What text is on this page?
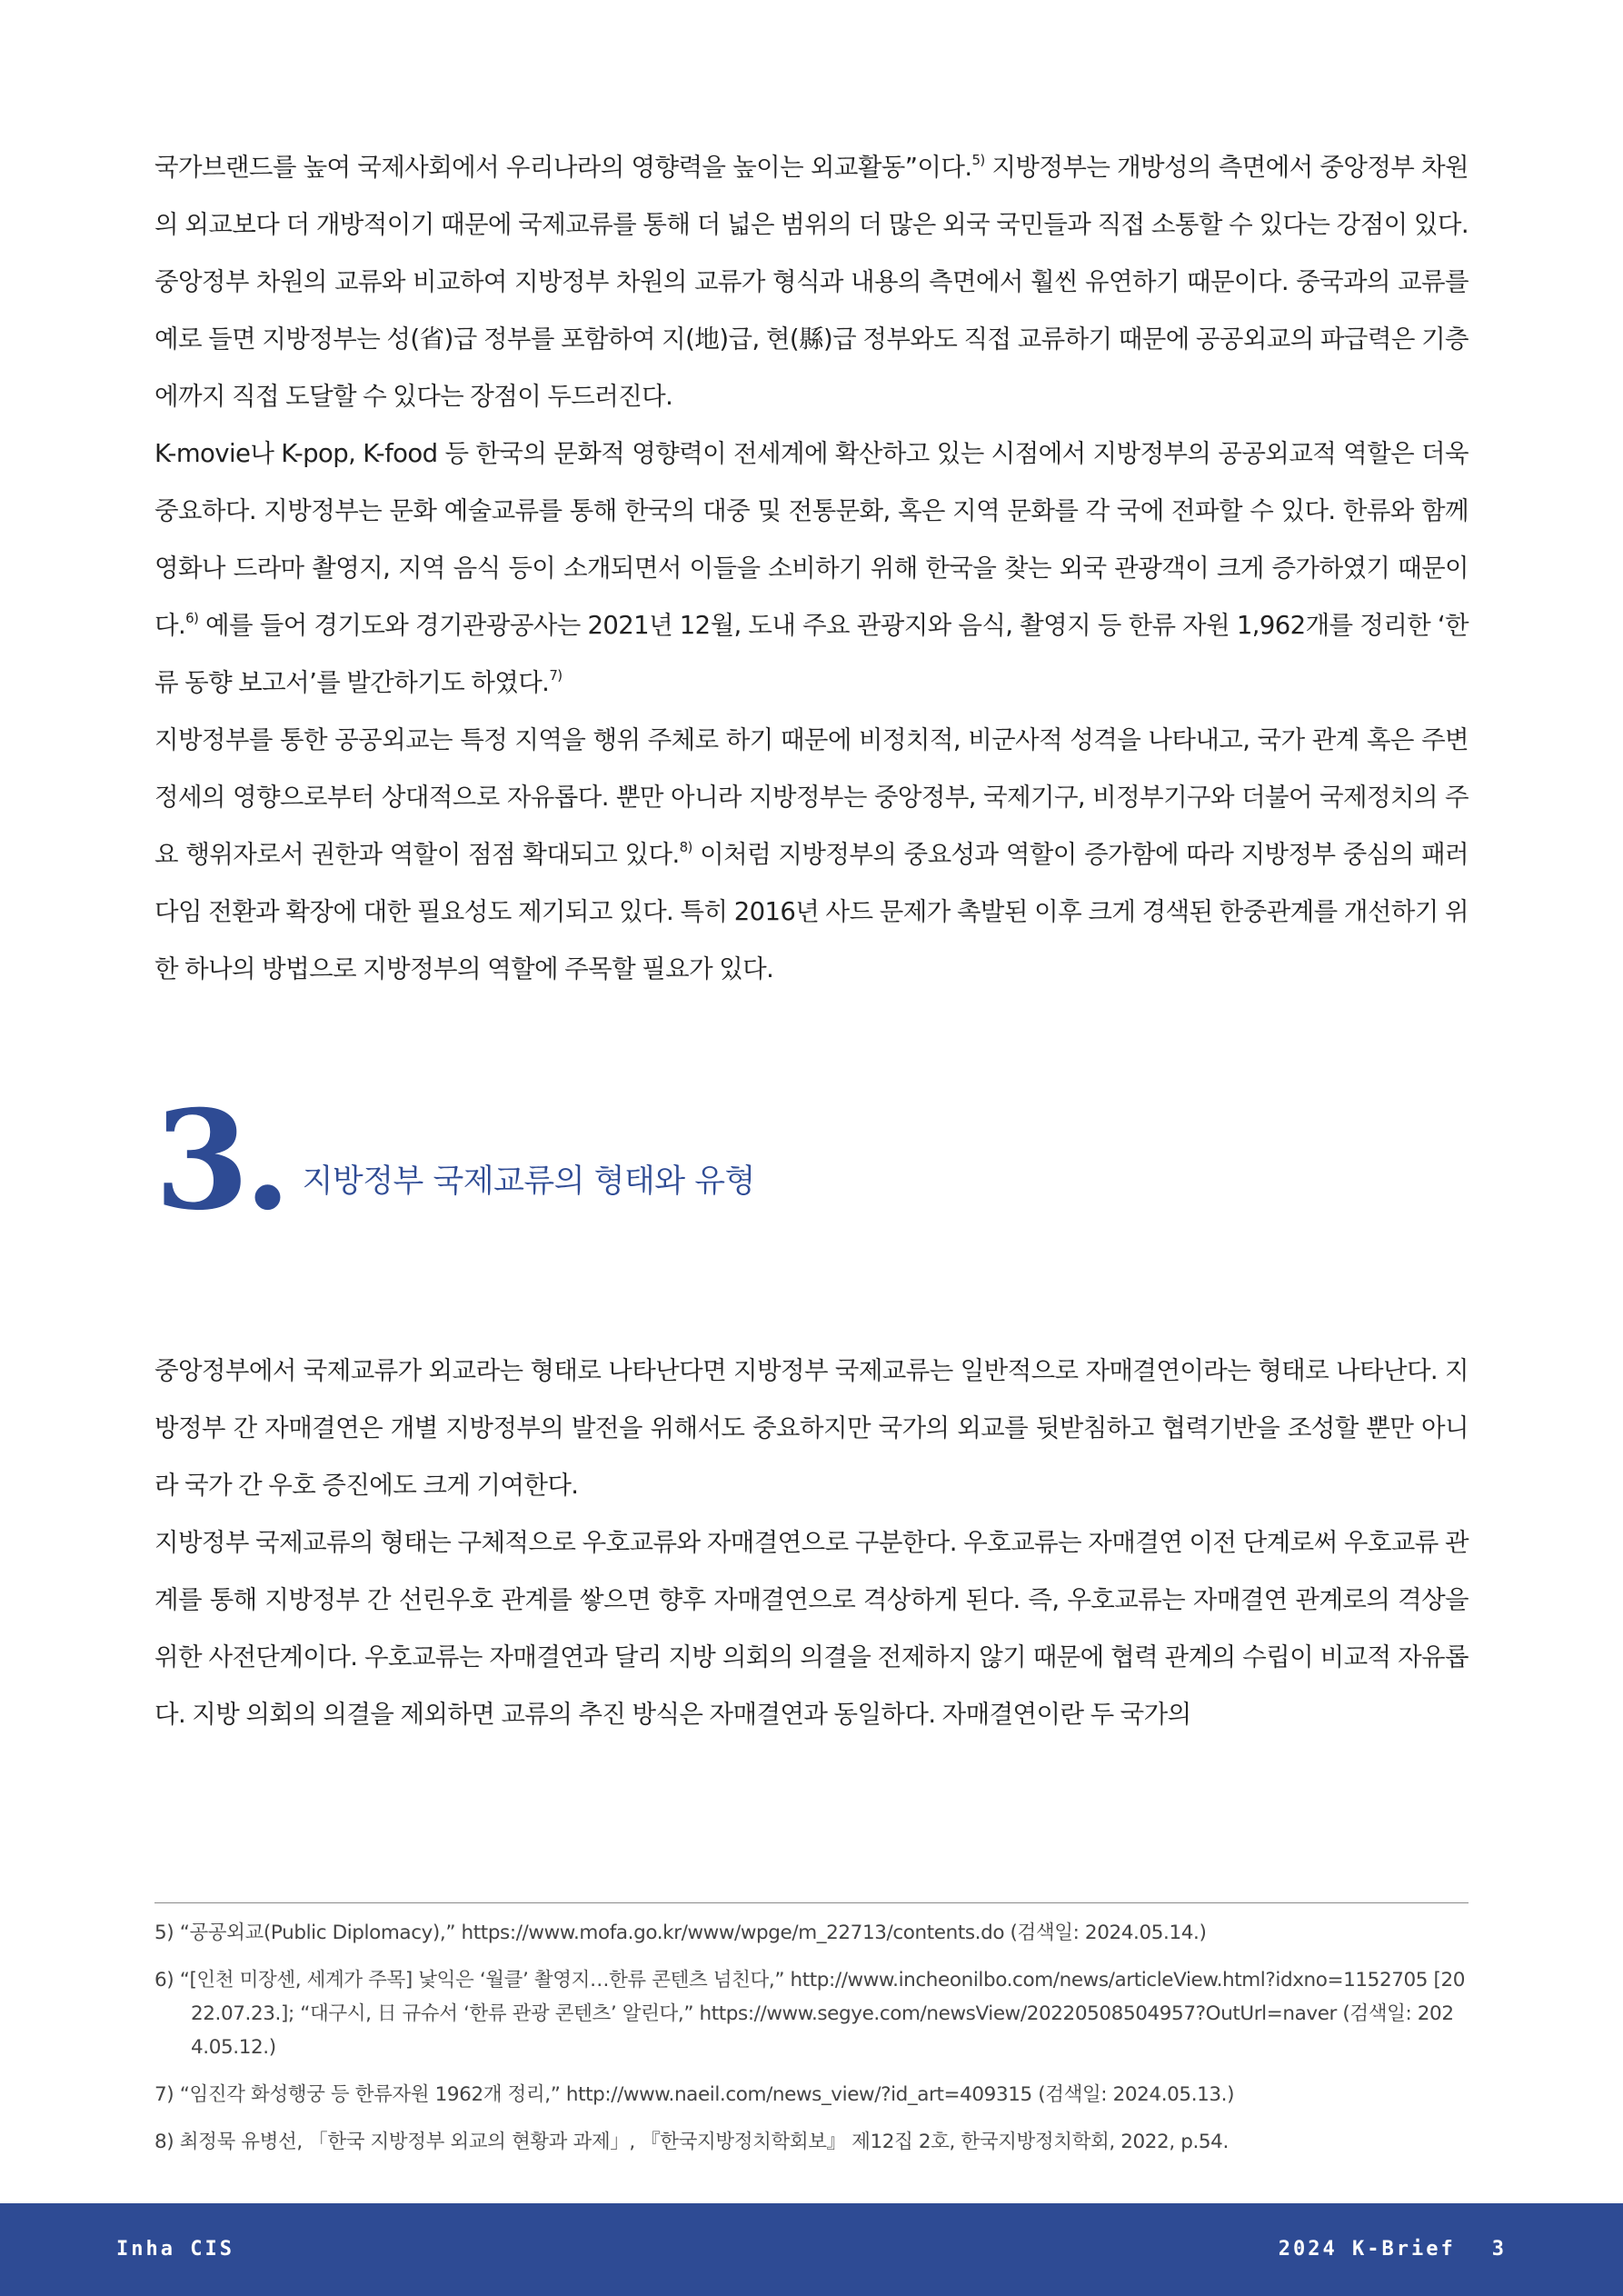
국가브랜드를 높여 국제사회에서 우리나라의 영향력을 높이는 외교활동”이다.$^{5)}$ 지방정부는 개방성의 측면에서 중앙정부 차원의 외교보다 더 개방적이기 때문에 국제교류를 통해 더 넓은 범위의 더 많은 외국 국민들과 직접 소통할 수 있다는 강점이 있다. 중앙정부 차원의 교류와 비교하여 지방정부 차원의 교류가 형식과 내용의 측면에서 훨씬 유연하기 때문이다. 중국과의 교류를 예로 들면 지방정부는 성(省)급 정부를 포함하여 지(地)급, 현(縣)급 정부와도 직접 교류하기 때문에 공공외교의 파급력은 기층에까지 직접 도달할 수 있다는 장점이 두드러진다.

K-movie나 K-pop, K-food 등 한국의 문화적 영향력이 전세계에 확산하고 있는 시점에서 지방정부의 공공외교적 역할은 더욱 중요하다. 지방정부는 문화 예술교류를 통해 한국의 대중 및 전통문화, 혹은 지역 문화를 각 국에 전파할 수 있다. 한류와 함께 영화나 드라마 촬영지, 지역 음식 등이 소개되면서 이들을 소비하기 위해 한국을 찾는 외국 관광객이 크게 증가하였기 때문이다.$^{6)}$ 예를 들어 경기도와 경기관광공사는 2021년 12월, 도내 주요 관광지와 음식, 촬영지 등 한류 자원 1,962개를 정리한 ‘한류 동향 보고서’를 발간하기도 하였다.$^{7)}$

지방정부를 통한 공공외교는 특정 지역을 행위 주체로 하기 때문에 비정치적, 비군사적 성격을 나타내고, 국가 관계 혹은 주변 정세의 영향으로부터 상대적으로 자유롭다. 뿐만 아니라 지방정부는 중앙정부, 국제기구, 비정부기구와 더불어 국제정치의 주요 행위자로서 권한과 역할이 점점 확대되고 있다.$^{8)}$ 이처럼 지방정부의 중요성과 역할이 증가함에 따라 지방정부 중심의 패러다임 전환과 확장에 대한 필요성도 제기되고 있다. 특히 2016년 사드 문제가 촉발된 이후 크게 경색된 한중관계를 개선하기 위한 하나의 방법으로 지방정부의 역할에 주목할 필요가 있다.

3. 지방정부 국제교류의 형태와 유형

중앙정부에서 국제교류가 외교라는 형태로 나타난다면 지방정부 국제교류는 일반적으로 자매결연이라는 형태로 나타난다. 지방정부 간 자매결연은 개별 지방정부의 발전을 위해서도 중요하지만 국가의 외교를 뒷받침하고 협력기반을 조성할 뿐만 아니라 국가 간 우호 증진에도 크게 기여한다.

지방정부 국제교류의 형태는 구체적으로 우호교류와 자매결연으로 구분한다. 우호교류는 자매결연 이전 단계로써 우호교류 관계를 통해 지방정부 간 선린우호 관계를 쌓으면 향후 자매결연으로 격상하게 된다. 즉, 우호교류는 자매결연 관계로의 격상을 위한 사전단계이다. 우호교류는 자매결연과 달리 지방 의회의 의결을 전제하지 않기 때문에 협력 관계의 수립이 비교적 자유롭다. 지방 의회의 의결을 제외하면 교류의 추진 방식은 자매결연과 동일하다. 자매결연이란 두 국가의

5) “공공외교(Public Diplomacy),” https://www.mofa.go.kr/www/wpge/m_22713/contents.do (검색일: 2024.05.14.)

6) “[인천 미장센, 세계가 주목] 낯익은 ‘월클’ 촬영지…한류 콘텐츠 넘친다,” http://www.incheonilbo.com/news/articleView.html?idxno=1152705 [2022.07.23.]; “대구시, 日 규슈서 ‘한류 관광 콘텐츠’ 알린다,” https://www.segye.com/newsView/20220508504957?OutUrl=naver (검색일: 2024.05.12.)

7) “임진각 화성행궁 등 한류자원 1962개 정리,” http://www.naeil.com/news_view/?id_art=409315 (검색일: 2024.05.13.)

8) 최정묵 유병선, 「한국 지방정부 외교의 현황과 과제」, 『한국지방정치학회보』 제12집 2호, 한국지방정치학회, 2022, p.54.

Inha CIS	2024 K-Brief 3
